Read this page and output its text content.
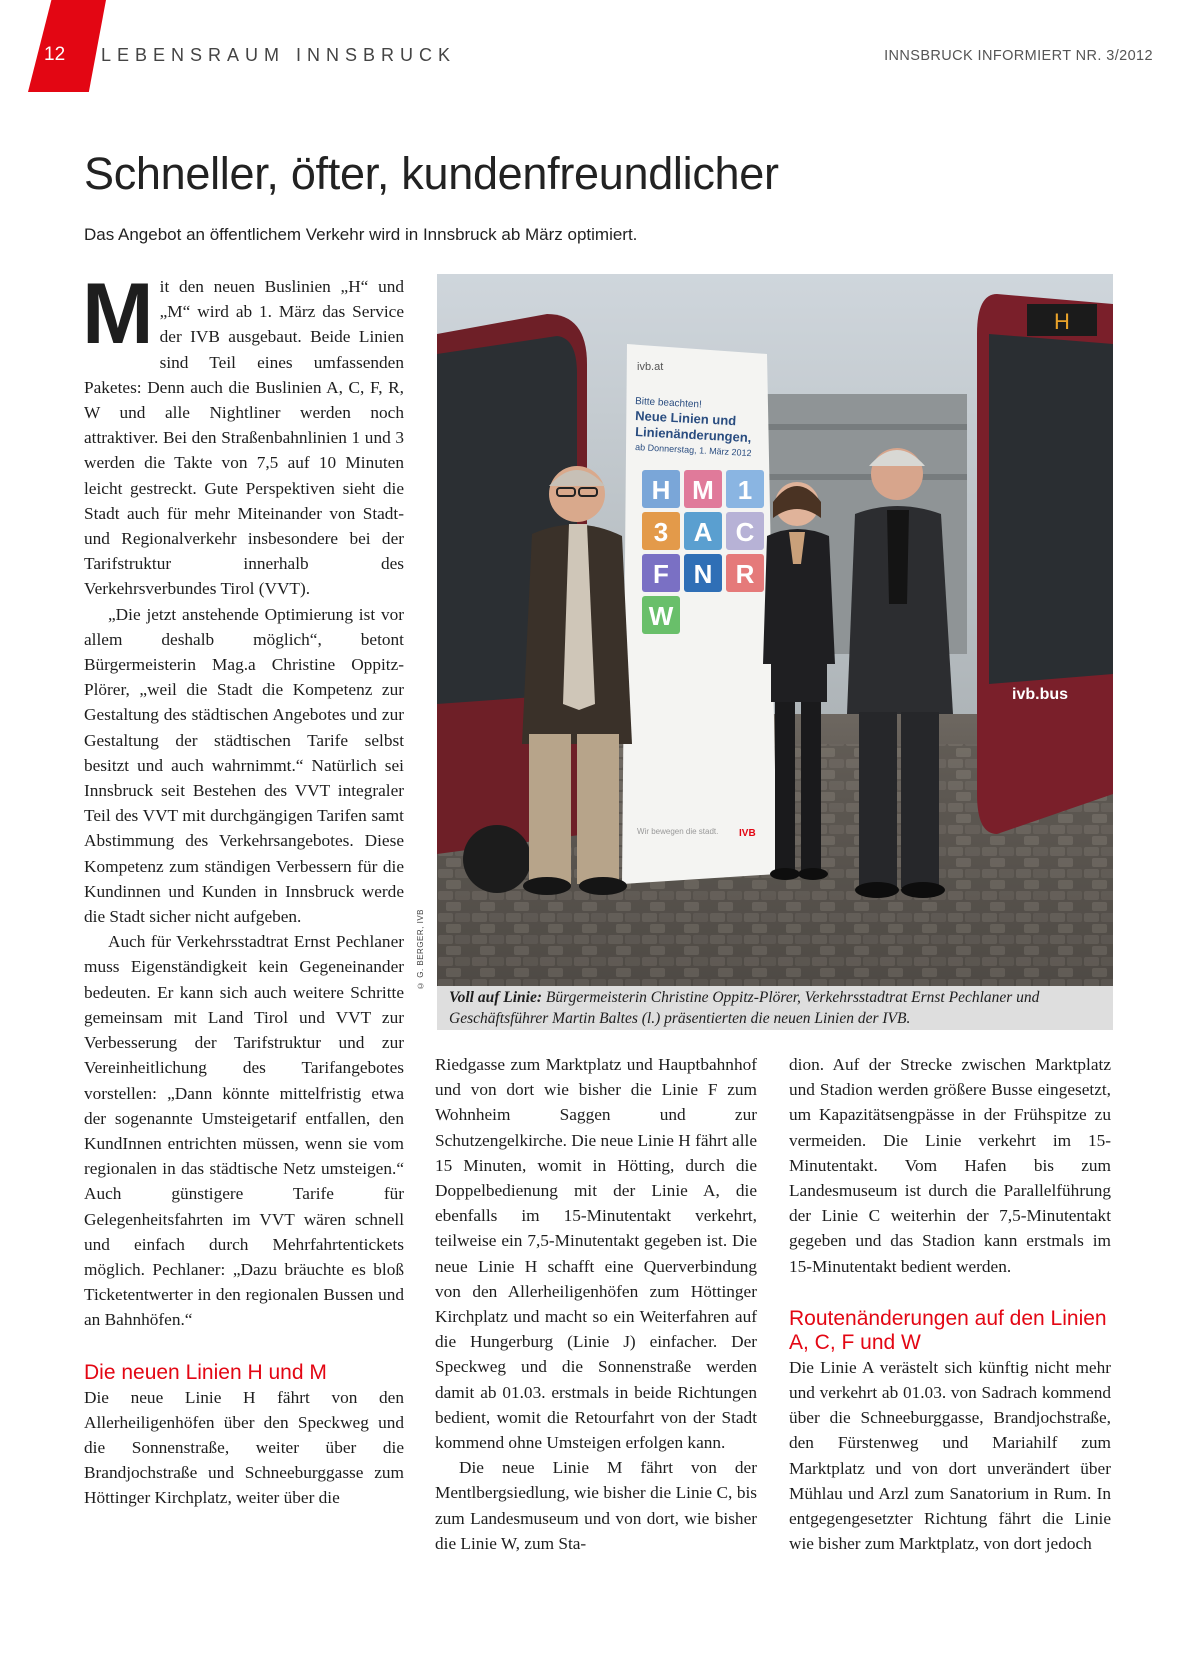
12 LEBENSRAUM INNSBRUCK	INNSBRUCK INFORMIERT NR. 3/2012
Schneller, öfter, kundenfreundlicher

Das Angebot an öffentlichem Verkehr wird in Innsbruck ab März optimiert.

Mit den neuen Buslinien „H“ und „M“ wird ab 1. März das Service der IVB ausgebaut. Beide Linien sind Teil eines umfassenden Paketes: Denn auch die Buslinien A, C, F, R, W und alle Nightliner werden noch attraktiver. Bei den Straßenbahnlinien 1 und 3 werden die Takte von 7,5 auf 10 Minuten leicht gestreckt. Gute Perspektiven sieht die Stadt auch für mehr Miteinander von Stadt- und Regionalverkehr insbesondere bei der Tarifstruktur innerhalb des Verkehrsverbundes Tirol (VVT).

„Die jetzt anstehende Optimierung ist vor allem deshalb möglich“, betont Bürgermeisterin Mag.a Christine Oppitz-Plörer, „weil die Stadt die Kompetenz zur Gestaltung des städtischen Angebotes und zur Gestaltung der städtischen Tarife selbst besitzt und auch wahrnimmt.“ Natürlich sei Innsbruck seit Bestehen des VVT integraler Teil des VVT mit durchgängigen Tarifen samt Abstimmung des Verkehrsangebotes. Diese Kompetenz zum ständigen Verbessern für die Kundinnen und Kunden in Innsbruck werde die Stadt sicher nicht aufgeben.

Auch für Verkehrsstadtrat Ernst Pechlaner muss Eigenständigkeit kein Gegeneinander bedeuten. Er kann sich auch weitere Schritte gemeinsam mit Land Tirol und VVT zur Verbesserung der Tarifstruktur und zur Vereinheitlichung des Tarifangebotes vorstellen: „Dann könnte mittelfristig etwa der sogenannte Umsteigetarif entfallen, den KundInnen entrichten müssen, wenn sie vom regionalen in das städtische Netz umsteigen.“ Auch günstigere Tarife für Gelegenheitsfahrten im VVT wären schnell und einfach durch Mehrfahrtentickets möglich. Pechlaner: „Dazu bräuchte es bloß Ticketentwerter in den regionalen Bussen und an Bahnhöfen.“

Die neuen Linien H und M

Die neue Linie H fährt von den Allerheiligenhöfen über den Speckweg und die Sonnenstraße, weiter über die Brandjochstraße und Schneeburggasse zum Höttinger Kirchplatz, weiter über die

H
ivb.bus
ivb.at
Bitte beachten!
Neue Linien und
Linienänderungen,
ab Donnerstag, 1. März 2012
H M 1
3 A C
F N R
W
Wir bewegen die stadt. IVB
© G. BERGER, IVB
Voll auf Linie: Bürgermeisterin Christine Oppitz-Plörer, Verkehrsstadtrat Ernst Pechlaner und Geschäftsführer Martin Baltes (l.) präsentierten die neuen Linien der IVB.

Riedgasse zum Marktplatz und Hauptbahnhof und von dort wie bisher die Linie F zum Wohnheim Saggen und zur Schutzengelkirche. Die neue Linie H fährt alle 15 Minuten, womit in Hötting, durch die Doppelbedienung mit der Linie A, die ebenfalls im 15-Minutentakt verkehrt, teilweise ein 7,5-Minutentakt gegeben ist. Die neue Linie H schafft eine Querverbindung von den Allerheiligenhöfen zum Höttinger Kirchplatz und macht so ein Weiterfahren auf die Hungerburg (Linie J) einfacher. Der Speckweg und die Sonnenstraße werden damit ab 01.03. erstmals in beide Richtungen bedient, womit die Retourfahrt von der Stadt kommend ohne Umsteigen erfolgen kann.

Die neue Linie M fährt von der Mentlbergsiedlung, wie bisher die Linie C, bis zum Landesmuseum und von dort, wie bisher die Linie W, zum Sta-

dion. Auf der Strecke zwischen Marktplatz und Stadion werden größere Busse eingesetzt, um Kapazitätsengpässe in der Frühspitze zu vermeiden. Die Linie verkehrt im 15-Minutentakt. Vom Hafen bis zum Landesmuseum ist durch die Parallelführung der Linie C weiterhin der 7,5-Minutentakt gegeben und das Stadion kann erstmals im 15-Minutentakt bedient werden.

Routenänderungen auf den Linien A, C, F und W

Die Linie A verästelt sich künftig nicht mehr und verkehrt ab 01.03. von Sadrach kommend über die Schneeburggasse, Brandjochstraße, den Fürstenweg und Mariahilf zum Marktplatz und von dort unverändert über Mühlau und Arzl zum Sanatorium in Rum. In entgegengesetzter Richtung fährt die Linie wie bisher zum Marktplatz, von dort jedoch
